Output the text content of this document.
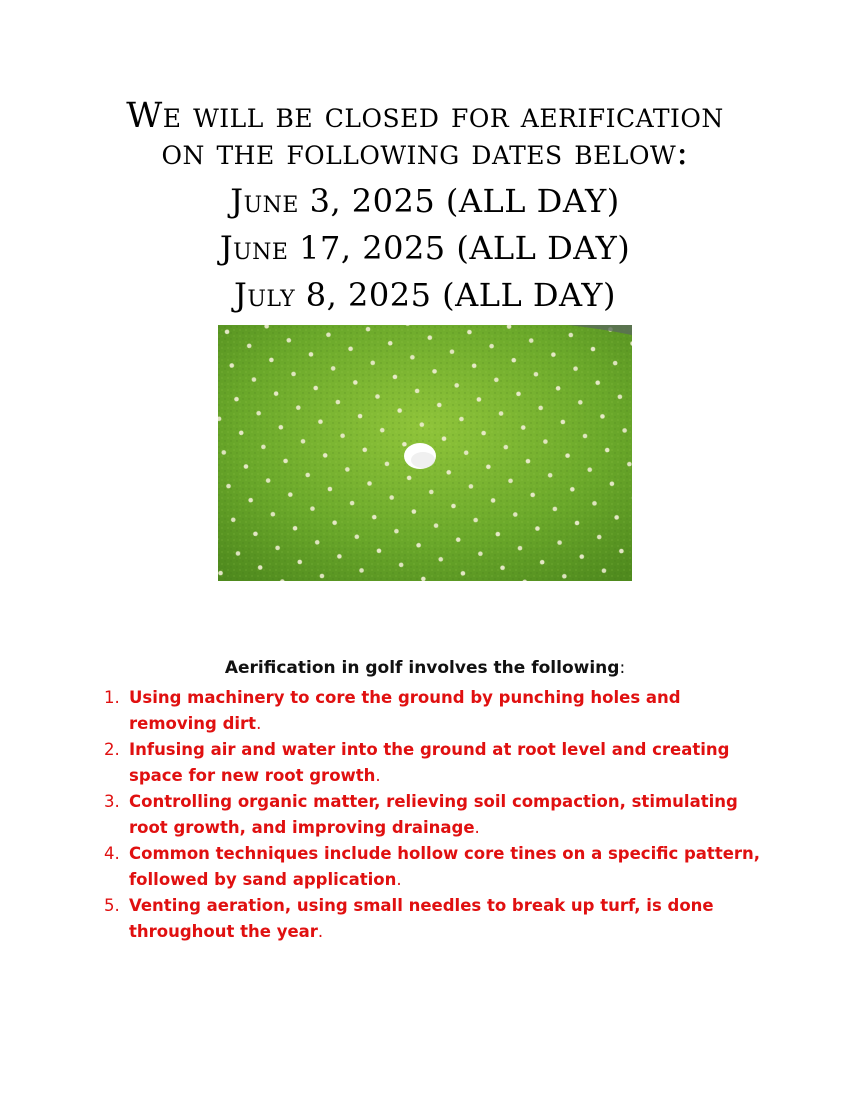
We will be closed for aerification
on the following dates below:
June 3, 2025 (ALL DAY)
June 17, 2025 (ALL DAY)
July 8, 2025 (ALL DAY)
Aerification in golf involves the following:
1. Using machinery to core the ground by punching holes and removing dirt.
2. Infusing air and water into the ground at root level and creating space for new root growth.
3. Controlling organic matter, relieving soil compaction, stimulating root growth, and improving drainage.
4. Common techniques include hollow core tines on a specific pattern, followed by sand application.
5. Venting aeration, using small needles to break up turf, is done throughout the year.
